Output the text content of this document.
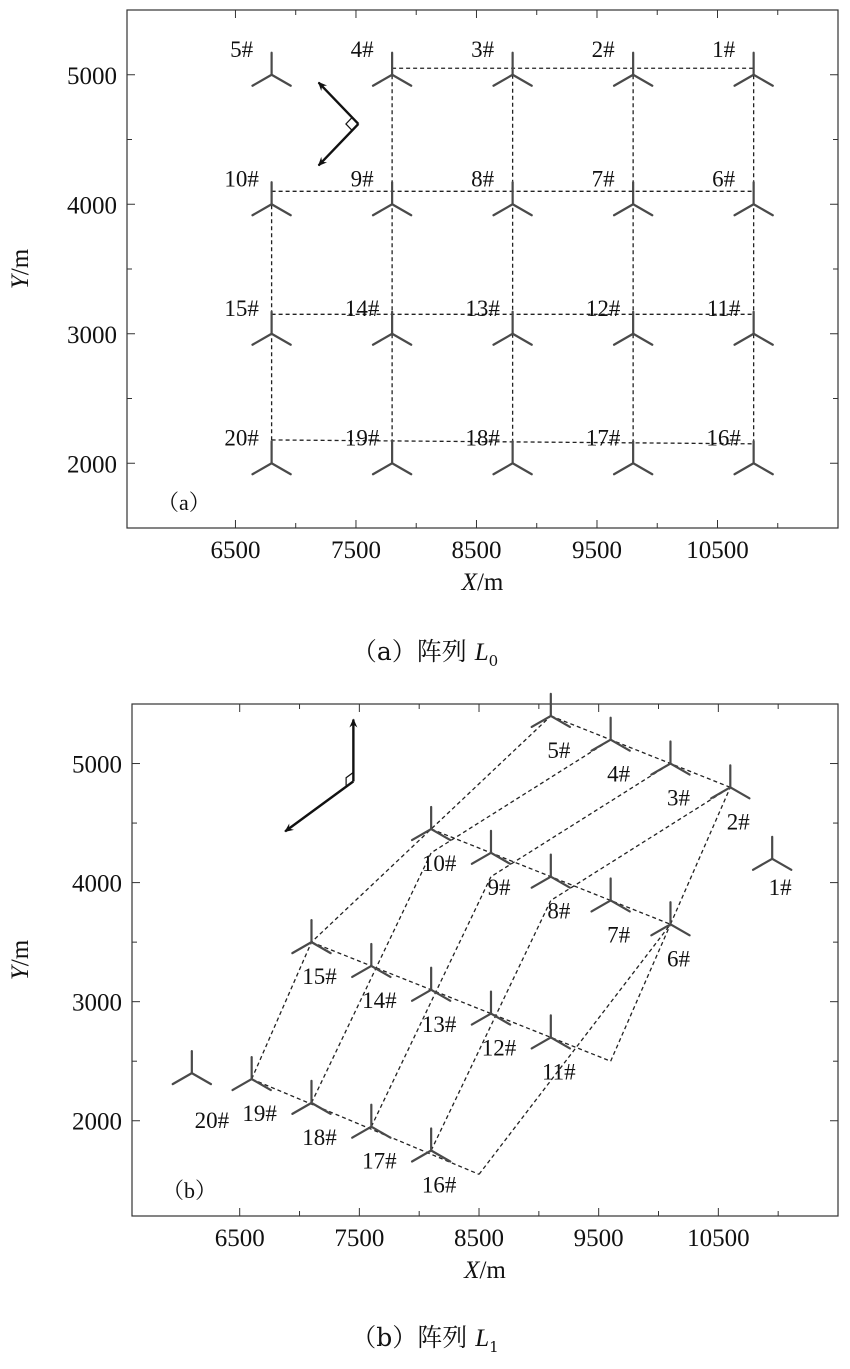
6500	7500	8500	9500	10500
2000
3000
4000
5000
X/m
Y/m
1#
2#
3#
4#
5#
6#
7#
8#
9#
10#
11#
12#
13#
14#
15#
16#
17#
18#
19#
20#
（a）
（a）阵列 $L_0$
6500	7500	8500	9500	10500
2000
3000
4000
5000
X/m
Y/m
1#
2#
3#
4#
5#
6#
7#
8#
9#
10#
11#
12#
13#
14#
15#
16#
17#
18#
19#
20#
（b）
（b）阵列 $L_1$
